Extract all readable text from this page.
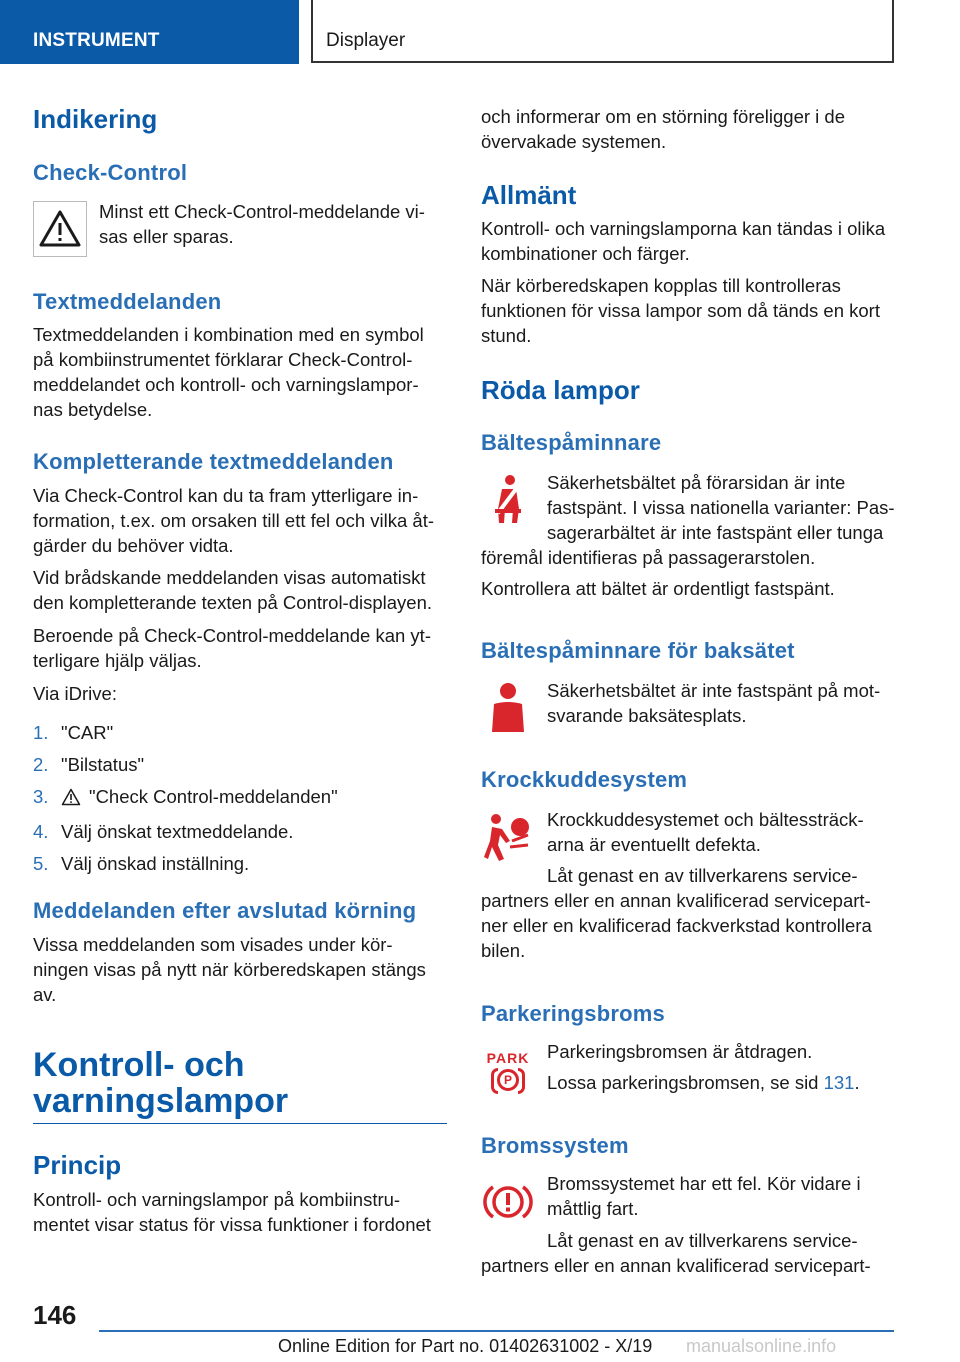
INSTRUMENT	Displayer
Indikering
Check-Control

Minst ett Check-Control-meddelande vi-sas eller sparas.

Textmeddelanden

Textmeddelanden i kombination med en symbol på kombiinstrumentet förklarar Check-Control-meddelandet och kontroll- och varningslampor-nas betydelse.

Kompletterande textmeddelanden

Via Check-Control kan du ta fram ytterligare in-formation, t.ex. om orsaken till ett fel och vilka åt-gärder du behöver vidta.

Vid brådskande meddelanden visas automatiskt den kompletterande texten på Control-displayen.

Beroende på Check-Control-meddelande kan yt-terligare hjälp väljas.

Via iDrive:

1. "CAR"
2. "Bilstatus"
3. "Check Control-meddelanden"
4. Välj önskat textmeddelande.
5. Välj önskad inställning.
Meddelanden efter avslutad körning

Vissa meddelanden som visades under kör-ningen visas på nytt när körberedskapen stängs av.

Kontroll- och
varningslampor
Princip

Kontroll- och varningslampor på kombiinstru-mentet visar status för vissa funktioner i fordonet

och informerar om en störning föreligger i de övervakade systemen.

Allmänt

Kontroll- och varningslamporna kan tändas i olika kombinationer och färger.

När körberedskapen kopplas till kontrolleras funktionen för vissa lampor som då tänds en kort stund.

Röda lampor
Bältespåminnare

Säkerhetsbältet på förarsidan är inte fastspänt. I vissa nationella varianter: Pas-sagerarbältet är inte fastspänt eller tunga

föremål identifieras på passagerarstolen.

Kontrollera att bältet är ordentligt fastspänt.

Bältespåminnare för baksätet

Säkerhetsbältet är inte fastspänt på mot-svarande baksätesplats.

Krockkuddesystem

Krockkuddesystemet och bältessträck-arna är eventuellt defekta.

Låt genast en av tillverkarens service-

partners eller en annan kvalificerad servicepart-ner eller en kvalificerad fackverkstad kontrollera bilen.

Parkeringsbroms
PARK
P

Parkeringsbromsen är åtdragen.

Lossa parkeringsbromsen, se sid 131.

Bromssystem

Bromssystemet har ett fel. Kör vidare i måttlig fart.

Låt genast en av tillverkarens service-

partners eller en annan kvalificerad servicepart-

146
Online Edition for Part no. 01402631002 - X/19 manualsonline.info
